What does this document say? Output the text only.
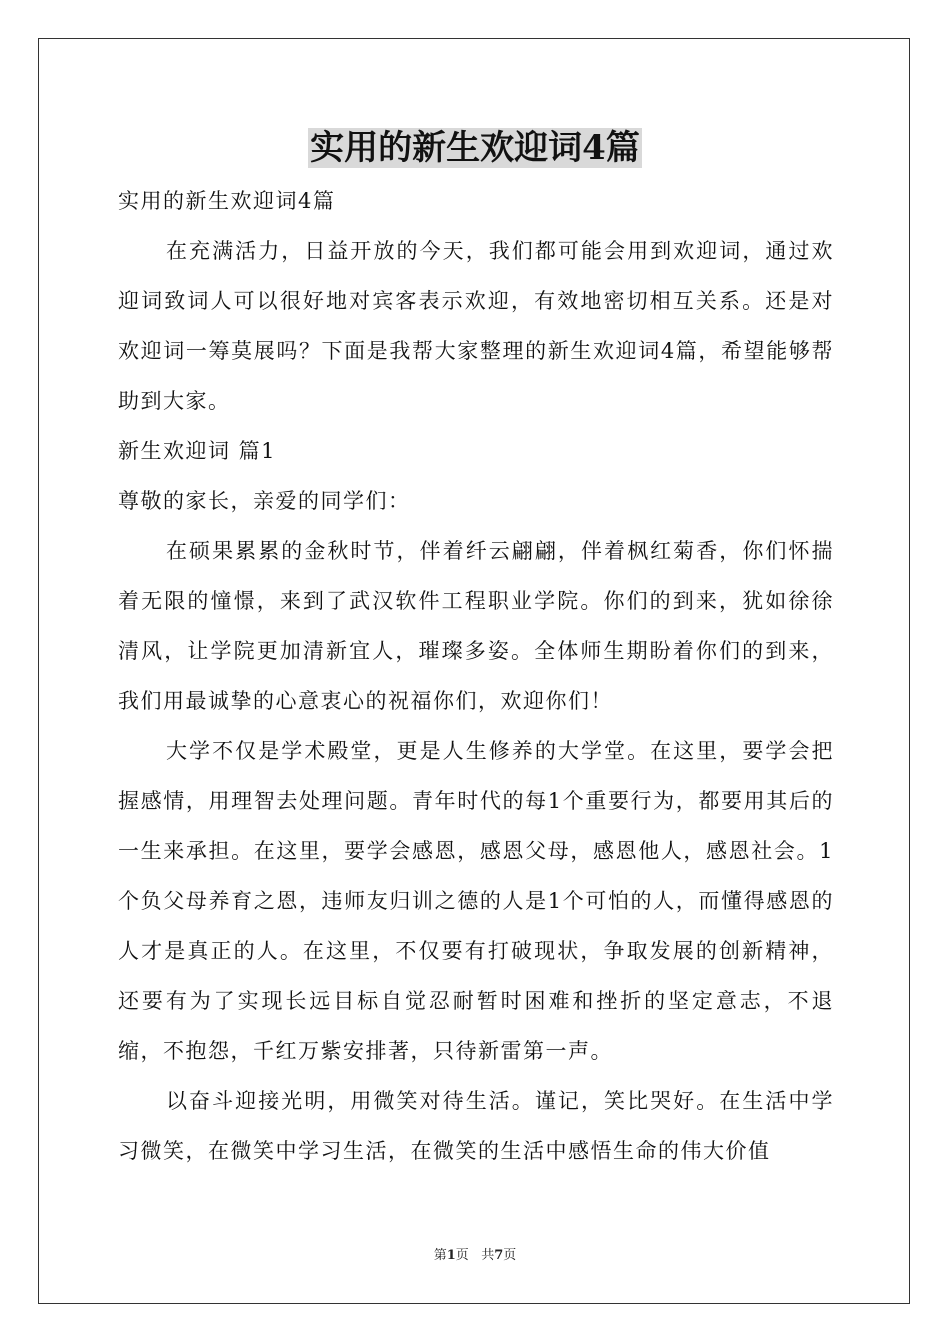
实用的新生欢迎词4篇

实用的新生欢迎词4篇

在充满活力，日益开放的今天，我们都可能会用到欢迎词，通过欢迎词致词人可以很好地对宾客表示欢迎，有效地密切相互关系。还是对欢迎词一筹莫展吗？下面是我帮大家整理的新生欢迎词4篇，希望能够帮助到大家。

新生欢迎词 篇1

尊敬的家长，亲爱的同学们：

在硕果累累的金秋时节，伴着纤云翩翩，伴着枫红菊香，你们怀揣着无限的憧憬，来到了武汉软件工程职业学院。你们的到来，犹如徐徐清风，让学院更加清新宜人，璀璨多姿。全体师生期盼着你们的到来，我们用最诚挚的心意衷心的祝福你们，欢迎你们！

大学不仅是学术殿堂，更是人生修养的大学堂。在这里，要学会把握感情，用理智去处理问题。青年时代的每1个重要行为，都要用其后的一生来承担。在这里，要学会感恩，感恩父母，感恩他人，感恩社会。1个负父母养育之恩，违师友归训之德的人是1个可怕的人，而懂得感恩的人才是真正的人。在这里，不仅要有打破现状，争取发展的创新精神，还要有为了实现长远目标自觉忍耐暂时困难和挫折的坚定意志，不退缩，不抱怨，千红万紫安排著，只待新雷第一声。

以奋斗迎接光明，用微笑对待生活。谨记，笑比哭好。在生活中学习微笑，在微笑中学习生活，在微笑的生活中感悟生命的伟大价值

第1页 共7页
